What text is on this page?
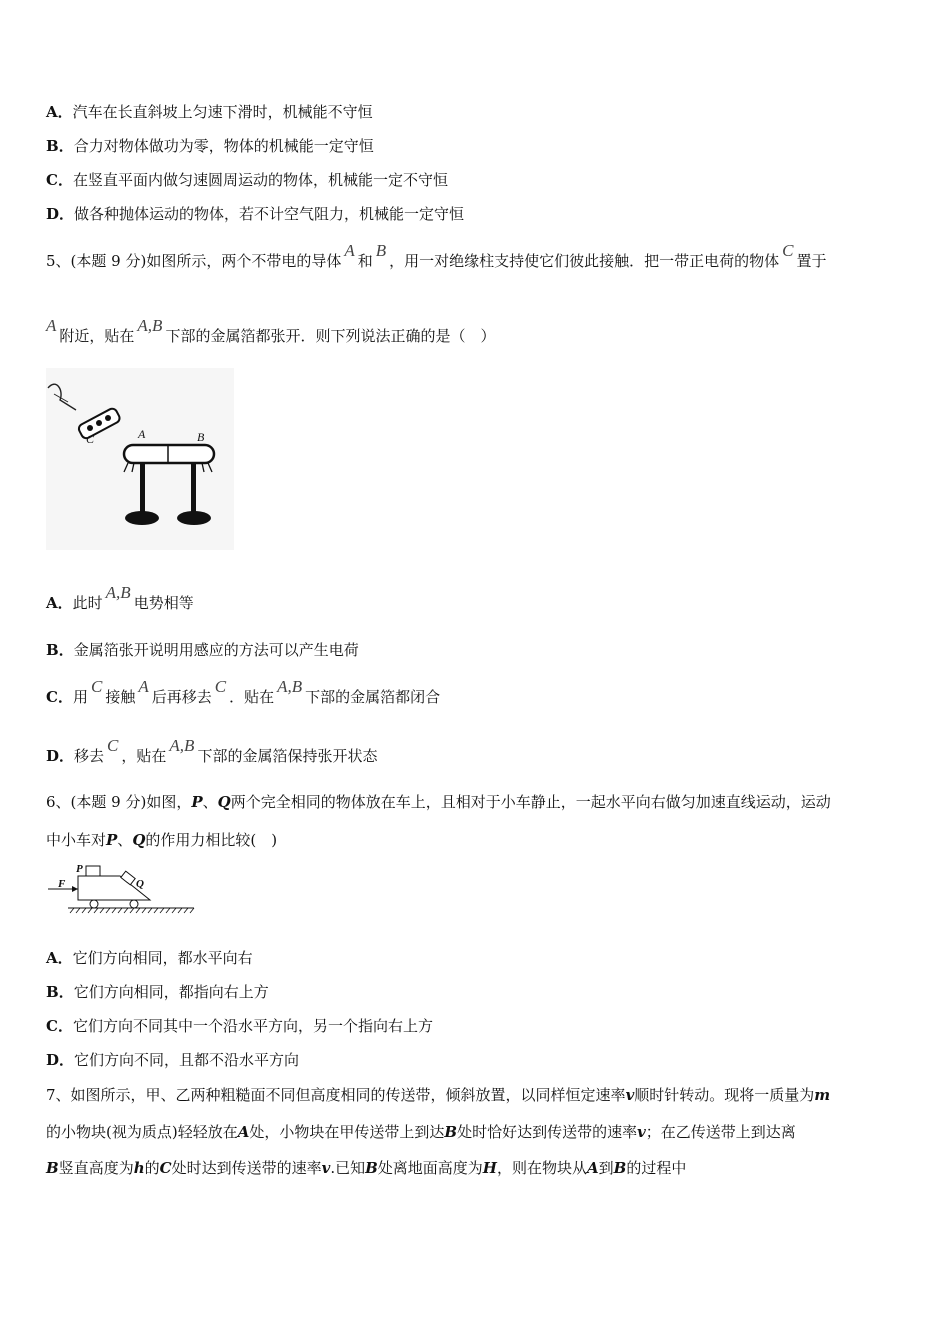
A．汽车在长直斜坡上匀速下滑时，机械能不守恒
B．合力对物体做功为零，物体的机械能一定守恒
C．在竖直平面内做匀速圆周运动的物体，机械能一定不守恒
D．做各种抛体运动的物体，若不计空气阻力，机械能一定守恒
5、(本题 9 分)如图所示，两个不带电的导体A和B，用一对绝缘柱支持使它们彼此接触．把一带正电荷的物体C置于
A附近，贴在A,B下部的金属箔都张开．则下列说法正确的是（　）
C	A	B
A．此时A,B电势相等
B．金属箔张开说明用感应的方法可以产生电荷
C．用C接触A后再移去C．贴在A,B下部的金属箔都闭合
D．移去C，贴在A,B下部的金属箔保持张开状态
6、(本题 9 分)如图，P、Q两个完全相同的物体放在车上，且相对于小车静止，一起水平向右做匀加速直线运动，运动
中小车对P、Q的作用力相比较(　)
P
F	Q
A．它们方向相同，都水平向右
B．它们方向相同，都指向右上方
C．它们方向不同其中一个沿水平方向，另一个指向右上方
D．它们方向不同，且都不沿水平方向
7、如图所示，甲、乙两种粗糙面不同但高度相同的传送带，倾斜放置，以同样恒定速率v顺时针转动。现将一质量为m
的小物块(视为质点)轻轻放在A处，小物块在甲传送带上到达B处时恰好达到传送带的速率v；在乙传送带上到达离
B竖直高度为h的C处时达到传送带的速率v.已知B处离地面高度为H，则在物块从A到B的过程中
